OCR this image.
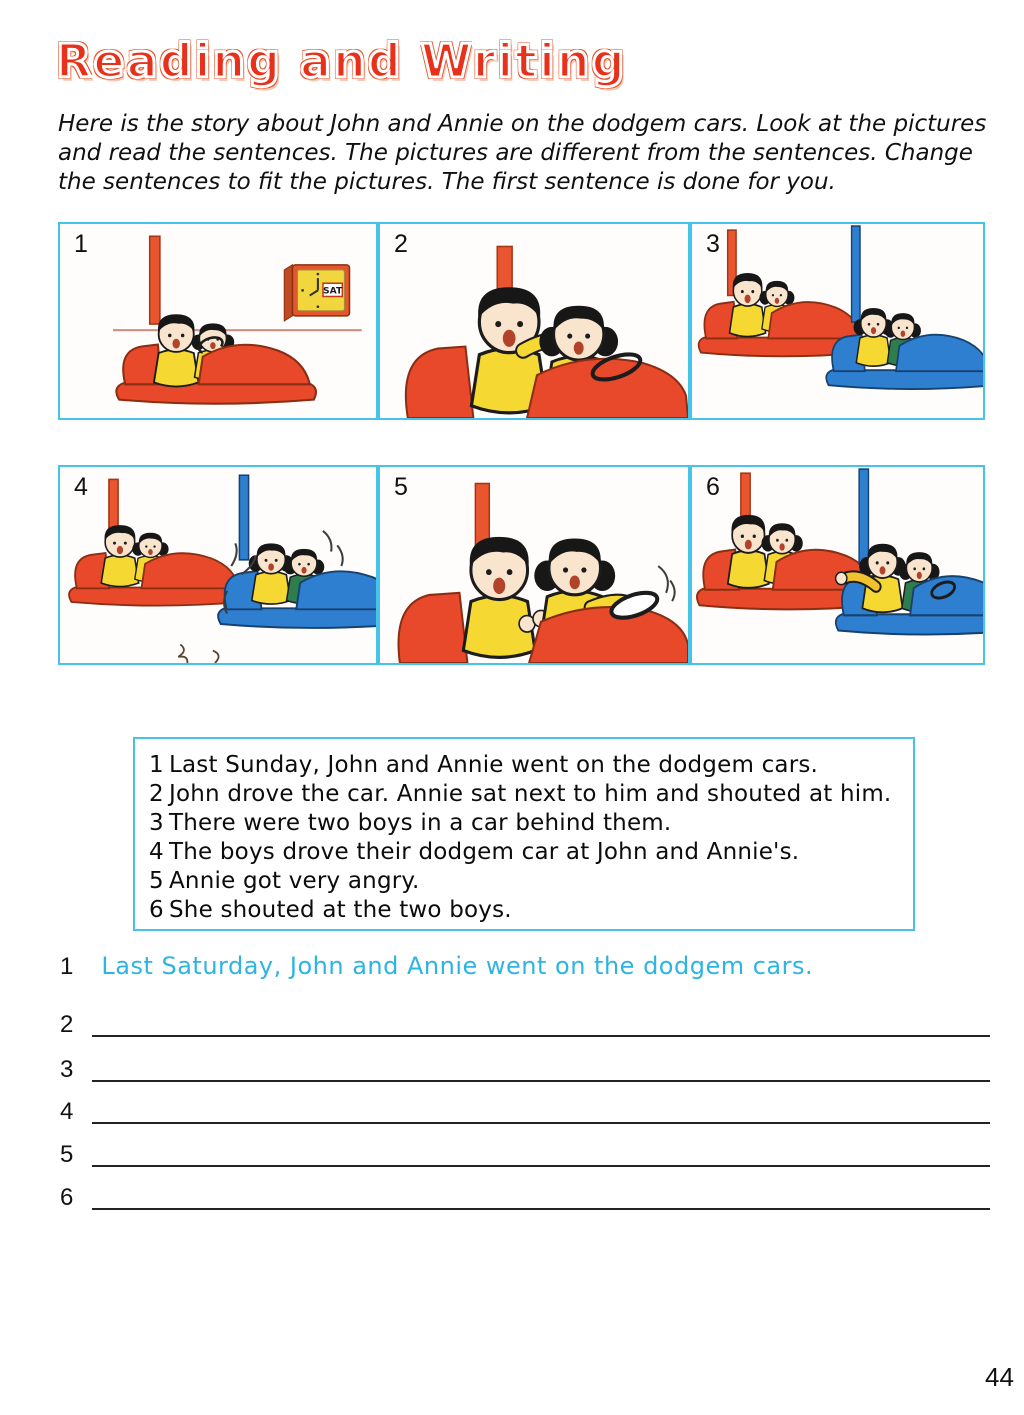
Reading and Writing
Here is the story about John and Annie on the dodgem cars. Look at the pictures and read the sentences. The pictures are different from the sentences. Change the sentences to fit the pictures. The first sentence is done for you.
1
SAT
2	3
4	5	6
1 Last Sunday, John and Annie went on the dodgem cars.
2 John drove the car. Annie sat next to him and shouted at him.
3 There were two boys in a car behind them.
4 The boys drove their dodgem car at John and Annie's.
5 Annie got very angry.
6 She shouted at the two boys.
1 Last Saturday, John and Annie went on the dodgem cars.
2
3
4
5
6
44
